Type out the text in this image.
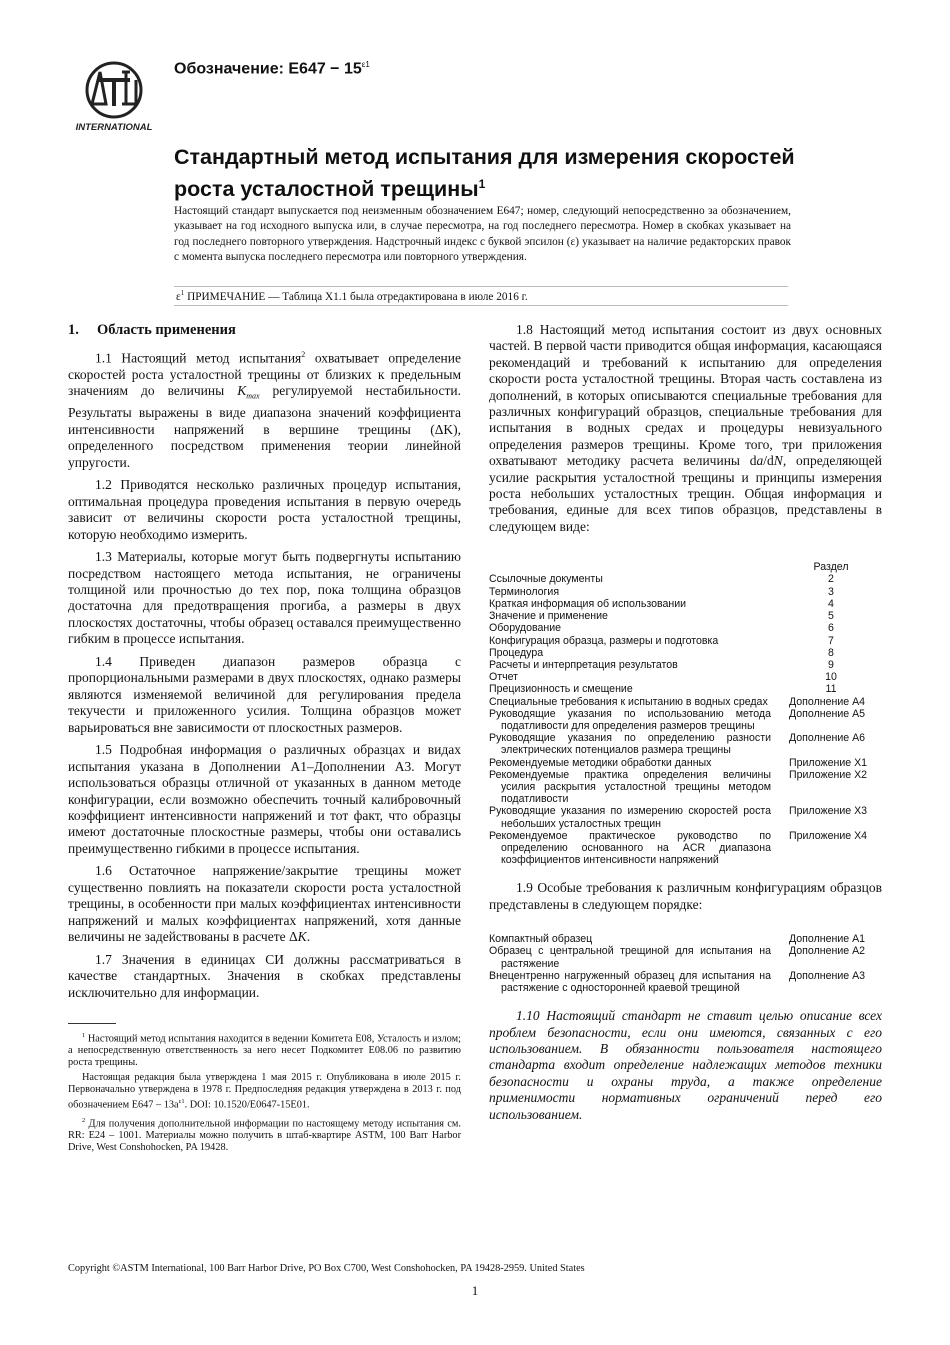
INTERNATIONAL
Обозначение: $E647 - 15^{\varepsilon 1}$
Стандартный метод испытания для измерения скоростей роста усталостной трещины$^1$

Настоящий стандарт выпускается под неизменным обозначением E647; номер, следующий непосредственно за обозначением, указывает на год исходного выпуска или, в случае пересмотра, на год последнего пересмотра. Номер в скобках указывает на год последнего повторного утверждения. Надстрочный индекс с буквой эпсилон (ε) указывает на наличие редакторских правок с момента выпуска последнего пересмотра или повторного утверждения.

$\varepsilon^1$ ПРИМЕЧАНИЕ — Таблица X1.1 была отредактирована в июле 2016 г.
1. Область применения

1.1 Настоящий метод испытания$^2$ охватывает определение скоростей роста усталостной трещины от близких к предельным значениям до величины $K_{max}$ регулируемой нестабильности. Результаты выражены в виде диапазона значений коэффициента интенсивности напряжений в вершине трещины (ΔK), определенного посредством применения теории линейной упругости.

1.2 Приводятся несколько различных процедур испытания, оптимальная процедура проведения испытания в первую очередь зависит от величины скорости роста усталостной трещины, которую необходимо измерить.

1.3 Материалы, которые могут быть подвергнуты испытанию посредством настоящего метода испытания, не ограничены толщиной или прочностью до тех пор, пока толщина образцов достаточна для предотвращения прогиба, а размеры в двух плоскостях достаточны, чтобы образец оставался преимущественно гибким в процессе испытания.

1.4 Приведен диапазон размеров образца с пропорциональными размерами в двух плоскостях, однако размеры являются изменяемой величиной для регулирования предела текучести и приложенного усилия. Толщина образцов может варьироваться вне зависимости от плоскостных размеров.

1.5 Подробная информация о различных образцах и видах испытания указана в Дополнении A1–Дополнении A3. Могут использоваться образцы отличной от указанных в данном методе конфигурации, если возможно обеспечить точный калибровочный коэффициент интенсивности напряжений и тот факт, что образцы имеют достаточные плоскостные размеры, чтобы они оставались преимущественно гибкими в процессе испытания.

1.6 Остаточное напряжение/закрытие трещины может существенно повлиять на показатели скорости роста усталостной трещины, в особенности при малых коэффициентах интенсивности напряжений и малых коэффициентах напряжений, хотя данные величины не задействованы в расчете ΔK.

1.7 Значения в единицах СИ должны рассматриваться в качестве стандартных. Значения в скобках представлены исключительно для информации.

$^1$ Настоящий метод испытания находится в ведении Комитета E08, Усталость и излом; а непосредственную ответственность за него несет Подкомитет E08.06 по развитию роста трещины.

Настоящая редакция была утверждена 1 мая 2015 г. Опубликована в июле 2015 г. Первоначально утверждена в 1978 г. Предпоследняя редакция утверждена в 2013 г. под обозначением $E647 - 13a^{\varepsilon 1}$. DOI: 10.1520/E0647-15E01.

$^2$ Для получения дополнительной информации по настоящему методу испытания см. RR: E24 – 1001. Материалы можно получить в штаб-квартире ASTM, 100 Barr Harbor Drive, West Conshohocken, PA 19428.

1.8 Настоящий метод испытания состоит из двух основных частей. В первой части приводится общая информация, касающаяся рекомендаций и требований к испытанию для определения скорости роста усталостной трещины. Вторая часть составлена из дополнений, в которых описываются специальные требования для различных конфигураций образцов, специальные требования для испытания в водных средах и процедуры невизуального определения размеров трещины. Кроме того, три приложения охватывают методику расчета величины da/dN, определяющей усилие раскрытия усталостной трещины и принципы измерения роста небольших усталостных трещин. Общая информация и требования, единые для всех типов образцов, представлены в следующем виде:

	Раздел
Ссылочные документы	2
Терминология	3
Краткая информация об использовании	4
Значение и применение	5
Оборудование	6
Конфигурация образца, размеры и подготовка	7
Процедура	8
Расчеты и интерпретация результатов	9
Отчет	10
Прецизионность и смещение	11
Специальные требования к испытанию в водных средах	Дополнение A4
Руководящие указания по использованию метода податливости для определения размеров трещины	Дополнение A5
Руководящие указания по определению разности электрических потенциалов размера трещины	Дополнение A6
Рекомендуемые методики обработки данных	Приложение X1
Рекомендуемые практика определения величины усилия раскрытия усталостной трещины методом податливости	Приложение X2
Руководящие указания по измерению скоростей роста небольших усталостных трещин	Приложение X3
Рекомендуемое практическое руководство по определению основанного на ACR диапазона коэффициентов интенсивности напряжений	Приложение X4

1.9 Особые требования к различным конфигурациям образцов представлены в следующем порядке:

Компактный образец	Дополнение A1
Образец с центральной трещиной для испытания на растяжение	Дополнение A2
Внецентренно нагруженный образец для испытания на растяжение с односторонней краевой трещиной	Дополнение A3

1.10 Настоящий стандарт не ставит целью описание всех проблем безопасности, если они имеются, связанных с его использованием. В обязанности пользователя настоящего стандарта входит определение надлежащих методов техники безопасности и охраны труда, а также определение применимости нормативных ограничений перед его использованием.

Copyright ©ASTM International, 100 Barr Harbor Drive, PO Box C700, West Conshohocken, PA 19428-2959. United States
1
